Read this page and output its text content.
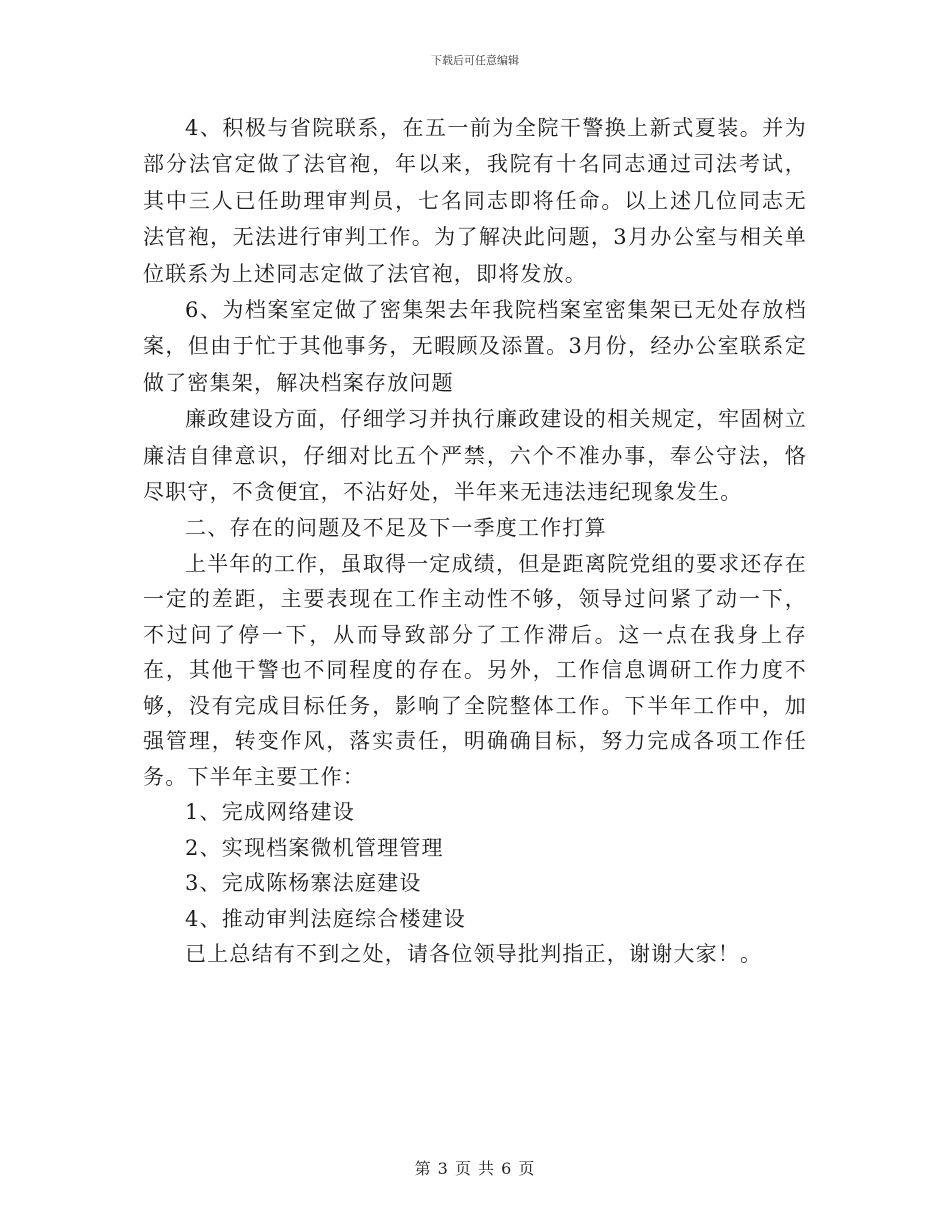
下载后可任意编辑

4、积极与省院联系，在五一前为全院干警换上新式夏装。并为部分法官定做了法官袍，年以来，我院有十名同志通过司法考试，其中三人已任助理审判员，七名同志即将任命。以上述几位同志无法官袍，无法进行审判工作。为了解决此问题，3月办公室与相关单位联系为上述同志定做了法官袍，即将发放。

6、为档案室定做了密集架去年我院档案室密集架已无处存放档案，但由于忙于其他事务，无暇顾及添置。3月份，经办公室联系定做了密集架，解决档案存放问题

廉政建设方面，仔细学习并执行廉政建设的相关规定，牢固树立廉洁自律意识，仔细对比五个严禁，六个不准办事，奉公守法，恪尽职守，不贪便宜，不沾好处，半年来无违法违纪现象发生。

二、存在的问题及不足及下一季度工作打算

上半年的工作，虽取得一定成绩，但是距离院党组的要求还存在一定的差距，主要表现在工作主动性不够，领导过问紧了动一下，不过问了停一下，从而导致部分了工作滞后。这一点在我身上存在，其他干警也不同程度的存在。另外，工作信息调研工作力度不够，没有完成目标任务，影响了全院整体工作。下半年工作中，加强管理，转变作风，落实责任，明确确目标，努力完成各项工作任务。下半年主要工作：

1、完成网络建设

2、实现档案微机管理管理

3、完成陈杨寨法庭建设

4、推动审判法庭综合楼建设

已上总结有不到之处，请各位领导批判指正，谢谢大家！。

第 3 页 共 6 页
